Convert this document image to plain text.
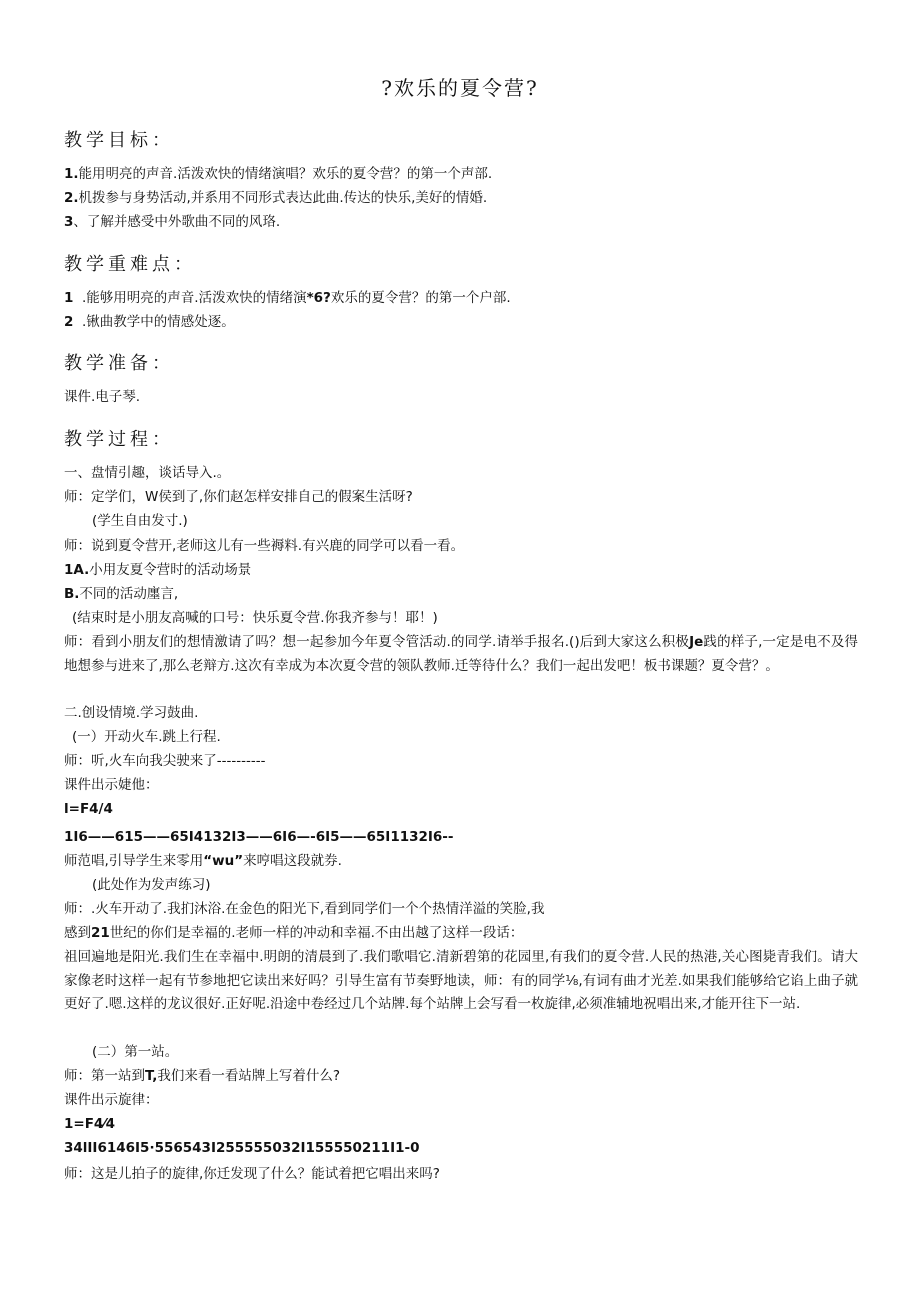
?欢乐的夏令营?
教学目标：

1.能用明亮的声音.活泼欢快的情绪演唱？欢乐的夏令营？的第一个声部.

2.机拨参与身势活动,并系用不同形式表达此曲.传达的快乐,美好的情婚.

3、了解并感受中外歌曲不同的风珞.

教学重难点：

1  .能够用明亮的声音.活泼欢快的情绪演*6?欢乐的夏令营？的第一个户部.

2  .锹曲教学中的情感处逐。

教学准备：

课件.电子琴.

教学过程：

一、盘情引趣，谈话导入.。

师：定学们，W侯到了,你们赵怎样安排自己的假案生活呀?

(学生自由发寸.)

师：说到夏令营开,老师这儿有一些褥料.有兴鹿的同学可以看一看。

1A.小用友夏令营时的活动场景

B.不同的活动廛言,

(结束时是小朋友高喊的口号：快乐夏令营.你我齐参与！耶！)

师：看到小朋友们的想情激请了吗？想一起参加今年夏令管活动.的同学.请举手报名.()后到大家这么积极Je践的样子,一定是电不及得地想参与进来了,那么老辩方.这次有幸成为本次夏令营的领队教师.迁等待什么？我们一起出发吧！板书课题？夏令营？。

二.创设情境.学习鼓曲.

(一）开动火车.跳上行程.

师：听,火车向我尖驶来了----------

课件出示婕他：

l=F4/4

1I6——615——65I4132I3——6I6—-6I5——65I1132I6--

师范唱,引导学生来零用“wu”来哼唱这段就券.

(此处作为发声练习)

师：.火车开动了.我扪沐浴.在金色的阳光下,看到同学们一个个热情洋溢的笑脸,我

感到21世纪的你们是幸福的.老师一样的冲动和幸福.不由出越了这样一段话：

祖回遍地是阳光.我们生在幸福中.明朗的清晨到了.我们歌唱它.清新碧第的花园里,有我们的夏令营.人民的热港,关心图毙青我们。请大家像老时这样一起有节参地把它读出来好吗？引导生富有节奏野地读，师：有的同学⅛,有词有曲才光差.如果我们能够给它谄上曲子就更好了.嗯.这样的龙议很好.正好呢.沿途中卷经过几个站牌.每个站牌上会写看一枚旋律,必须准辅地祝唱出来,才能开往下一站.

(二）第一站。

师：第一站到T,我们来看一看站牌上写着什么?

课件出示旋律：

1=F4⁄4

34lII6146I5·556543I255555032I155550211I1-0

师：这是儿拍子的旋律,你迁发现了什么？能试着把它唱出来吗?
